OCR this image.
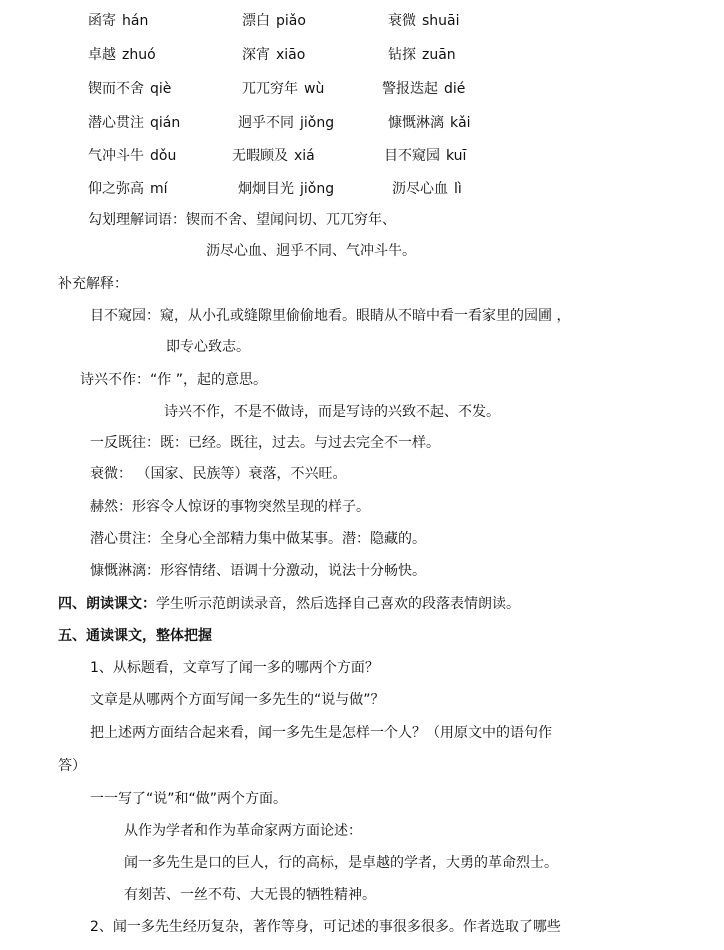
函寄 hán	漂白 piǎo	衰微 shuāi
卓越 zhuó	深宵 xiāo	钻探 zuān
锲而不舍 qiè	兀兀穷年 wù	警报迭起 dié
潜心贯注 qián	迥乎不同 jiǒng	慷慨淋漓 kǎi
气冲斗牛 dǒu	无暇顾及 xiá	目不窥园 kuī
仰之弥高 mí	炯炯目光 jiǒng	沥尽心血 lì
勾划理解词语：锲而不舍、望闻问切、兀兀穷年、
沥尽心血、迥乎不同、气冲斗牛。
补充解释：
目不窥园：窥，从小孔或缝隙里偷偷地看。眼睛从不暗中看一看家里的园圃 ，
即专心致志。
诗兴不作：“作 ”，起的意思。
诗兴不作，不是不做诗，而是写诗的兴致不起、不发。
一反既往：既：已经。既往，过去。与过去完全不一样。
衰微： （国家、民族等）衰落，不兴旺。
赫然：形容令人惊讶的事物突然呈现的样子。
潜心贯注：全身心全部精力集中做某事。潜：隐藏的。
慷慨淋漓：形容情绪、语调十分激动，说法十分畅快。
四、朗读课文：学生听示范朗读录音，然后选择自己喜欢的段落表情朗读。
五、通读课文，整体把握
1、从标题看，文章写了闻一多的哪两个方面？
文章是从哪两个方面写闻一多先生的“说与做”？
把上述两方面结合起来看，闻一多先生是怎样一个人？（用原文中的语句作
答）
一一写了“说”和“做”两个方面。
从作为学者和作为革命家两方面论述：
闻一多先生是口的巨人，行的高标，是卓越的学者，大勇的革命烈士。
有刻苦、一丝不苟、大无畏的牺牲精神。
2、闻一多先生经历复杂，著作等身，可记述的事很多很多。作者选取了哪些
